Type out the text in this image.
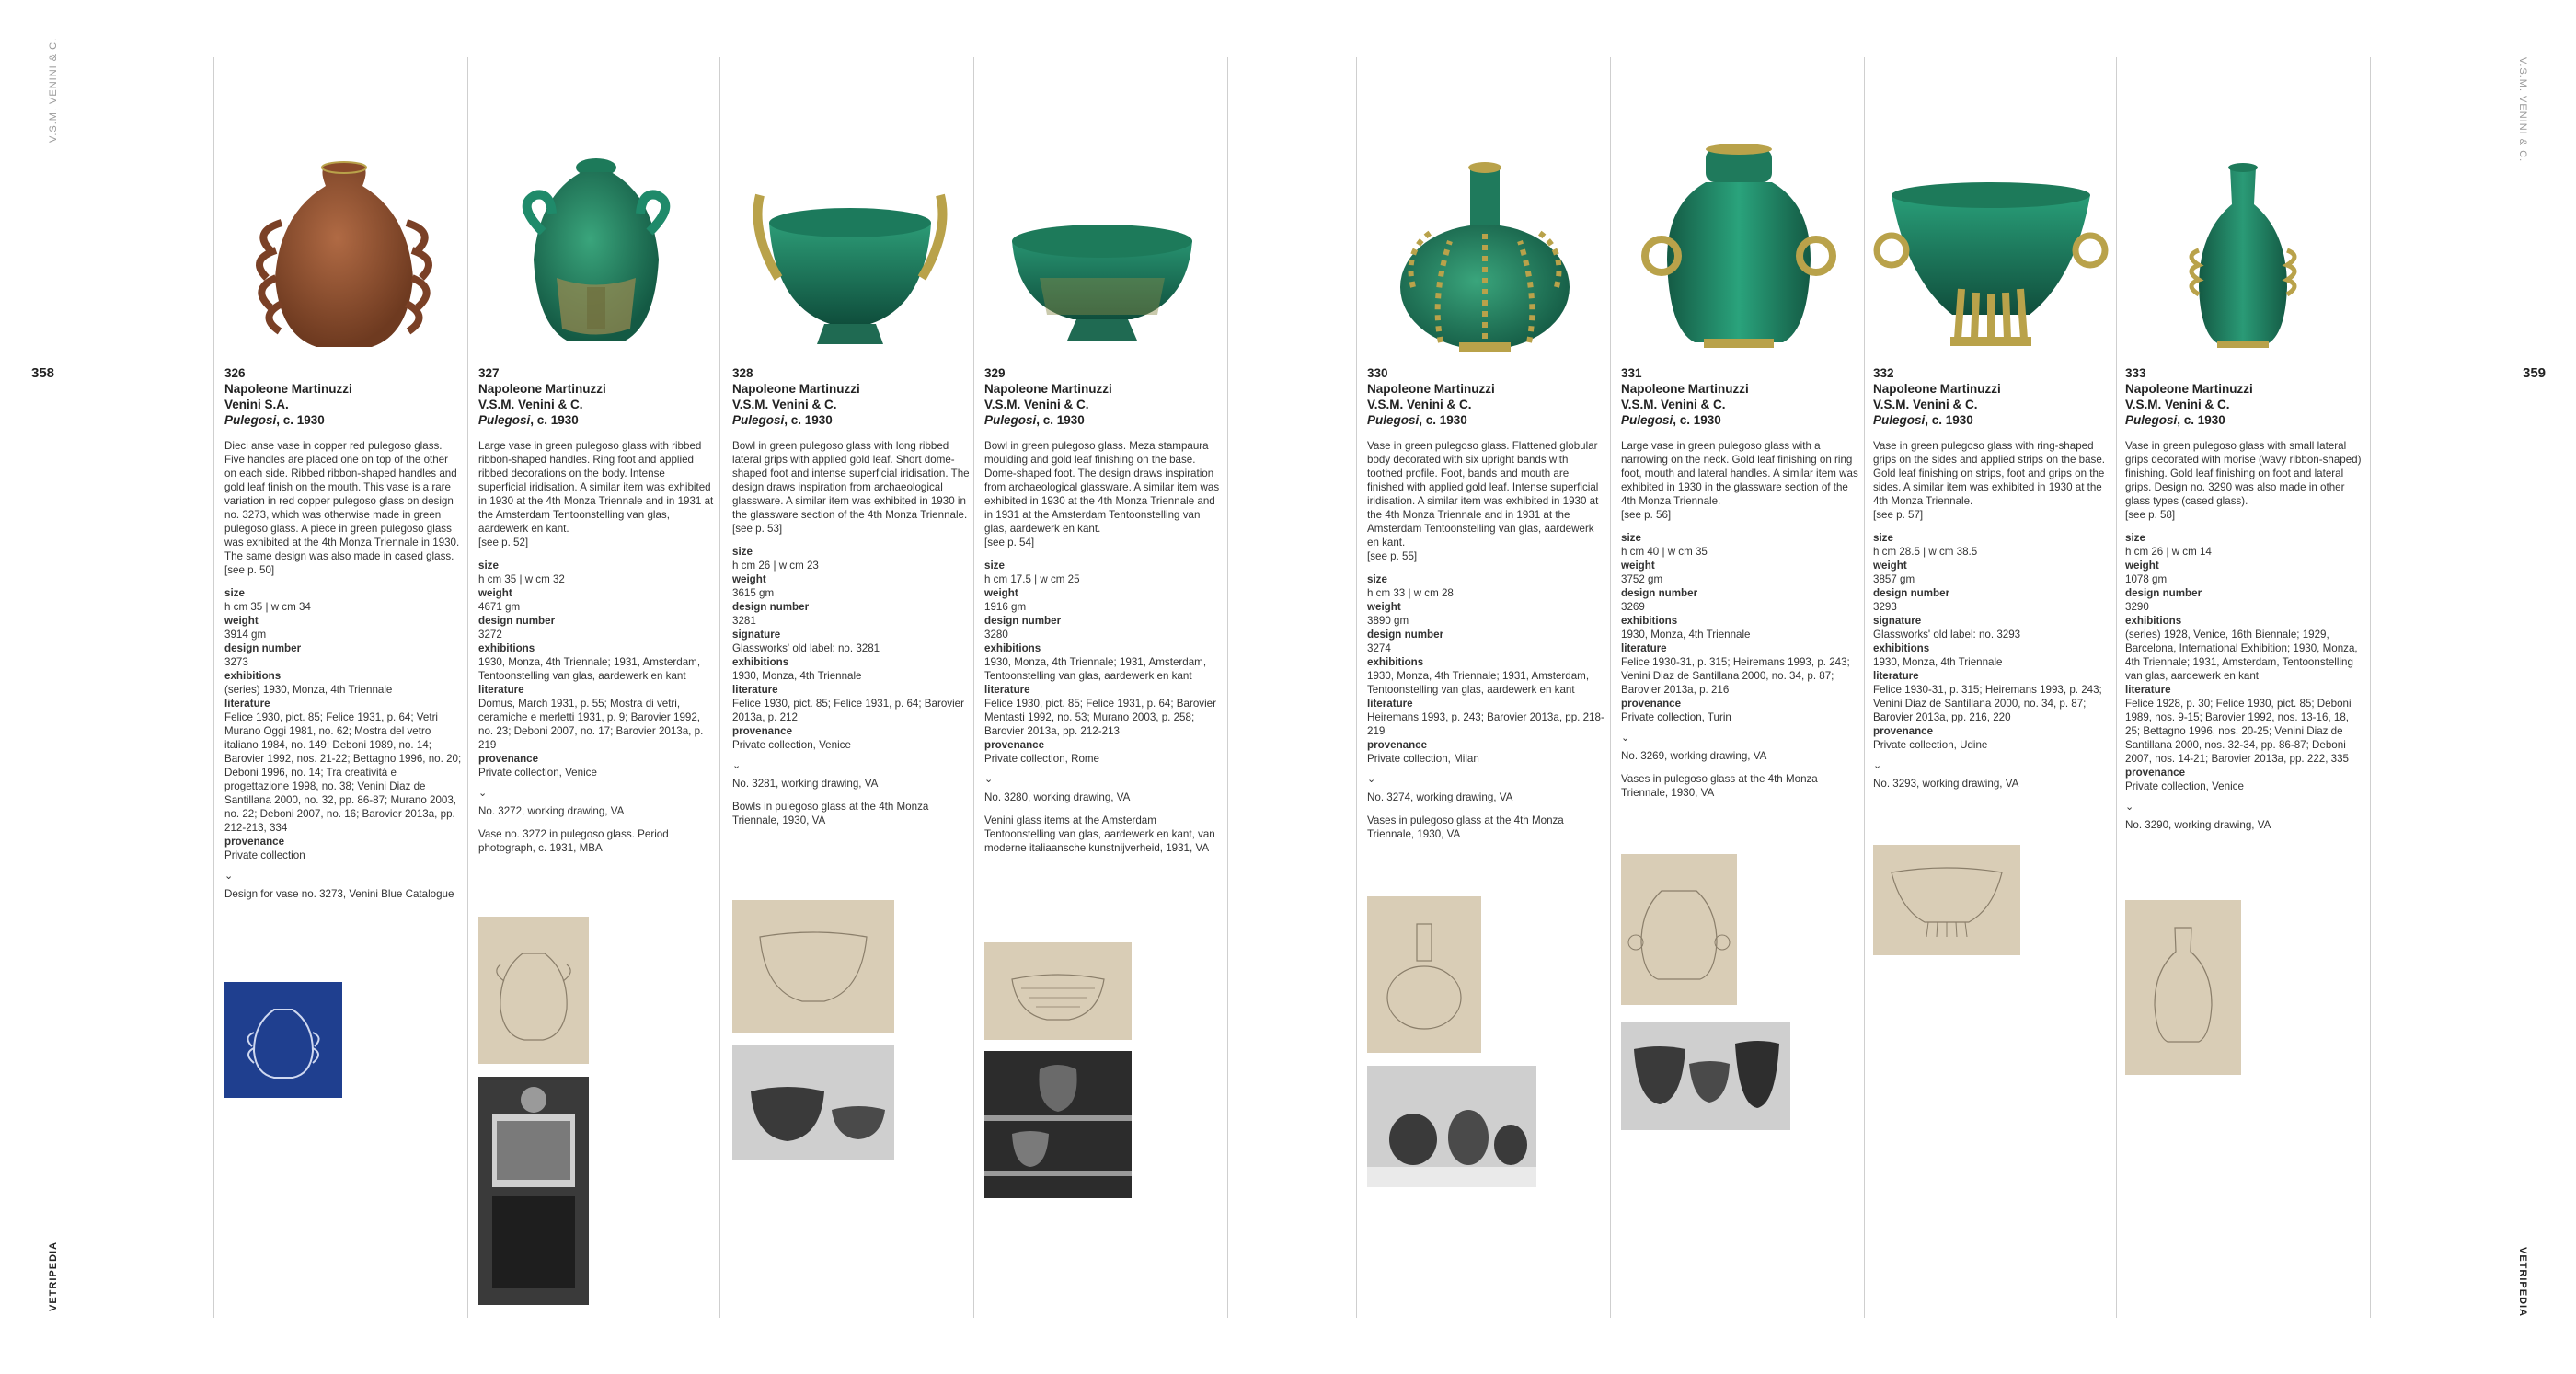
V.S.M. VENINI & C.	V.S.M. VENINI & C.
VETRIPEDIA	VETRIPEDIA
358	359
326
Napoleone Martinuzzi
Venini S.A.
Pulegosi, c. 1930

Dieci anse vase in copper red pulegoso glass. Five handles are placed one on top of the other on each side. Ribbed ribbon-shaped handles and gold leaf finish on the mouth. This vase is a rare variation in red copper pulegoso glass on design no. 3273, which was otherwise made in green pulegoso glass. A piece in green pulegoso glass was exhibited at the 4th Monza Triennale in 1930. The same design was also made in cased glass.
[see p. 50]

size
h cm 35 | w cm 34
weight
3914 gm
design number
3273
exhibitions
(series) 1930, Monza, 4th Triennale
literature
Felice 1930, pict. 85; Felice 1931, p. 64; Vetri Murano Oggi 1981, no. 62; Mostra del vetro italiano 1984, no. 149; Deboni 1989, no. 14; Barovier 1992, nos. 21-22; Bettagno 1996, no. 20; Deboni 1996, no. 14; Tra creatività e progettazione 1998, no. 38; Venini Diaz de Santillana 2000, no. 32, pp. 86-87; Murano 2003, no. 22; Deboni 2007, no. 16; Barovier 2013a, pp. 212-213, 334
provenance
Private collection
⌄

Design for vase no. 3273, Venini Blue Catalogue

327
Napoleone Martinuzzi
V.S.M. Venini & C.
Pulegosi, c. 1930

Large vase in green pulegoso glass with ribbed ribbon-shaped handles. Ring foot and applied ribbed decorations on the body. Intense superficial iridisation. A similar item was exhibited in 1930 at the 4th Monza Triennale and in 1931 at the Amsterdam Tentoonstelling van glas, aardewerk en kant.
[see p. 52]

size
h cm 35 | w cm 32
weight
4671 gm
design number
3272
exhibitions
1930, Monza, 4th Triennale; 1931, Amsterdam, Tentoonstelling van glas, aardewerk en kant
literature
Domus, March 1931, p. 55; Mostra di vetri, ceramiche e merletti 1931, p. 9; Barovier 1992, no. 23; Deboni 2007, no. 17; Barovier 2013a, p. 219
provenance
Private collection, Venice
⌄

No. 3272, working drawing, VA

Vase no. 3272 in pulegoso glass. Period photograph, c. 1931, MBA

328
Napoleone Martinuzzi
V.S.M. Venini & C.
Pulegosi, c. 1930

Bowl in green pulegoso glass with long ribbed lateral grips with applied gold leaf. Short dome-shaped foot and intense superficial iridisation. The design draws inspiration from archaeological glassware. A similar item was exhibited in 1930 in the glassware section of the 4th Monza Triennale.
[see p. 53]

size
h cm 26 | w cm 23
weight
3615 gm
design number
3281
signature
Glassworks' old label: no. 3281
exhibitions
1930, Monza, 4th Triennale
literature
Felice 1930, pict. 85; Felice 1931, p. 64; Barovier 2013a, p. 212
provenance
Private collection, Venice
⌄

No. 3281, working drawing, VA

Bowls in pulegoso glass at the 4th Monza Triennale, 1930, VA

329
Napoleone Martinuzzi
V.S.M. Venini & C.
Pulegosi, c. 1930

Bowl in green pulegoso glass. Meza stampaura moulding and gold leaf finishing on the base. Dome-shaped foot. The design draws inspiration from archaeological glassware. A similar item was exhibited in 1930 at the 4th Monza Triennale and in 1931 at the Amsterdam Tentoonstelling van glas, aardewerk en kant.
[see p. 54]

size
h cm 17.5 | w cm 25
weight
1916 gm
design number
3280
exhibitions
1930, Monza, 4th Triennale; 1931, Amsterdam, Tentoonstelling van glas, aardewerk en kant
literature
Felice 1930, pict. 85; Felice 1931, p. 64; Barovier Mentasti 1992, no. 53; Murano 2003, p. 258; Barovier 2013a, pp. 212-213
provenance
Private collection, Rome
⌄

No. 3280, working drawing, VA

Venini glass items at the Amsterdam Tentoonstelling van glas, aardewerk en kant, van moderne italiaansche kunstnijverheid, 1931, VA

330
Napoleone Martinuzzi
V.S.M. Venini & C.
Pulegosi, c. 1930

Vase in green pulegoso glass. Flattened globular body decorated with six upright bands with toothed profile. Foot, bands and mouth are finished with applied gold leaf. Intense superficial iridisation. A similar item was exhibited in 1930 at the 4th Monza Triennale and in 1931 at the Amsterdam Tentoonstelling van glas, aardewerk en kant.
[see p. 55]

size
h cm 33 | w cm 28
weight
3890 gm
design number
3274
exhibitions
1930, Monza, 4th Triennale; 1931, Amsterdam, Tentoonstelling van glas, aardewerk en kant
literature
Heiremans 1993, p. 243; Barovier 2013a, pp. 218-219
provenance
Private collection, Milan
⌄

No. 3274, working drawing, VA

Vases in pulegoso glass at the 4th Monza Triennale, 1930, VA

331
Napoleone Martinuzzi
V.S.M. Venini & C.
Pulegosi, c. 1930

Large vase in green pulegoso glass with a narrowing on the neck. Gold leaf finishing on ring foot, mouth and lateral handles. A similar item was exhibited in 1930 in the glassware section of the 4th Monza Triennale.
[see p. 56]

size
h cm 40 | w cm 35
weight
3752 gm
design number
3269
exhibitions
1930, Monza, 4th Triennale
literature
Felice 1930-31, p. 315; Heiremans 1993, p. 243; Venini Diaz de Santillana 2000, no. 34, p. 87; Barovier 2013a, p. 216
provenance
Private collection, Turin
⌄

No. 3269, working drawing, VA

Vases in pulegoso glass at the 4th Monza Triennale, 1930, VA

332
Napoleone Martinuzzi
V.S.M. Venini & C.
Pulegosi, c. 1930

Vase in green pulegoso glass with ring-shaped grips on the sides and applied strips on the base. Gold leaf finishing on strips, foot and grips on the sides. A similar item was exhibited in 1930 at the 4th Monza Triennale.
[see p. 57]

size
h cm 28.5 | w cm 38.5
weight
3857 gm
design number
3293
signature
Glassworks' old label: no. 3293
exhibitions
1930, Monza, 4th Triennale
literature
Felice 1930-31, p. 315; Heiremans 1993, p. 243; Venini Diaz de Santillana 2000, no. 34, p. 87; Barovier 2013a, pp. 216, 220
provenance
Private collection, Udine
⌄

No. 3293, working drawing, VA

333
Napoleone Martinuzzi
V.S.M. Venini & C.
Pulegosi, c. 1930

Vase in green pulegoso glass with small lateral grips decorated with morise (wavy ribbon-shaped) finishing. Gold leaf finishing on foot and lateral grips. Design no. 3290 was also made in other glass types (cased glass).
[see p. 58]

size
h cm 26 | w cm 14
weight
1078 gm
design number
3290
exhibitions
(series) 1928, Venice, 16th Biennale; 1929, Barcelona, International Exhibition; 1930, Monza, 4th Triennale; 1931, Amsterdam, Tentoonstelling van glas, aardewerk en kant
literature
Felice 1928, p. 30; Felice 1930, pict. 85; Deboni 1989, nos. 9-15; Barovier 1992, nos. 13-16, 18, 25; Bettagno 1996, nos. 20-25; Venini Diaz de Santillana 2000, nos. 32-34, pp. 86-87; Deboni 2007, nos. 14-21; Barovier 2013a, pp. 222, 335
provenance
Private collection, Venice
⌄

No. 3290, working drawing, VA
